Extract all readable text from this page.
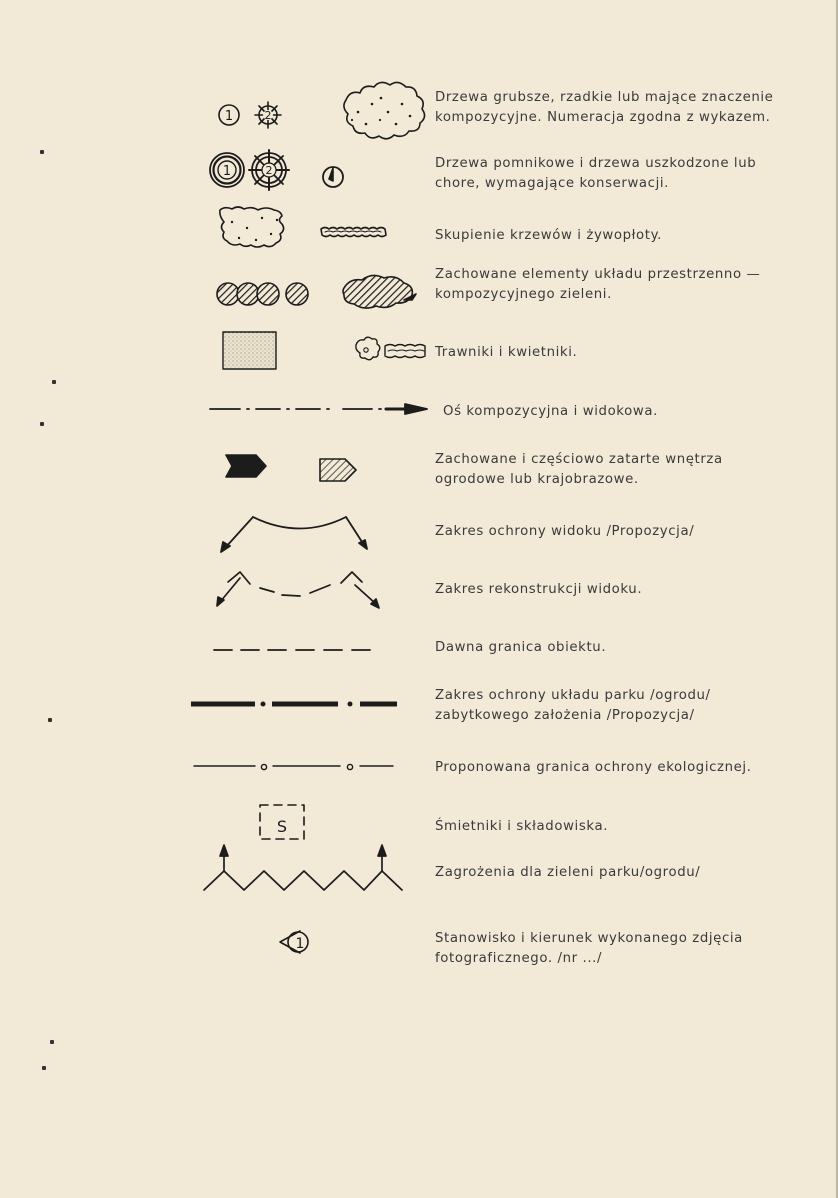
1	2
1	2
S
1
Drzewa grubsze, rzadkie lub mające znaczenie
kompozycyjne. Numeracja zgodna z wykazem.
Drzewa pomnikowe i drzewa uszkodzone lub
chore, wymagające konserwacji.
Skupienie krzewów i żywopłoty.
Zachowane elementy układu przestrzenno —
kompozycyjnego zieleni.
Trawniki i kwietniki.
Oś kompozycyjna i widokowa.
Zachowane i częściowo zatarte wnętrza
ogrodowe lub krajobrazowe.
Zakres ochrony widoku /Propozycja/
Zakres rekonstrukcji widoku.
Dawna granica obiektu.
Zakres ochrony układu parku /ogrodu/
zabytkowego założenia /Propozycja/
Proponowana granica ochrony ekologicznej.
Śmietniki i składowiska.
Zagrożenia dla zieleni parku/ogrodu/
Stanowisko i kierunek wykonanego zdjęcia
fotograficznego. /nr .../
